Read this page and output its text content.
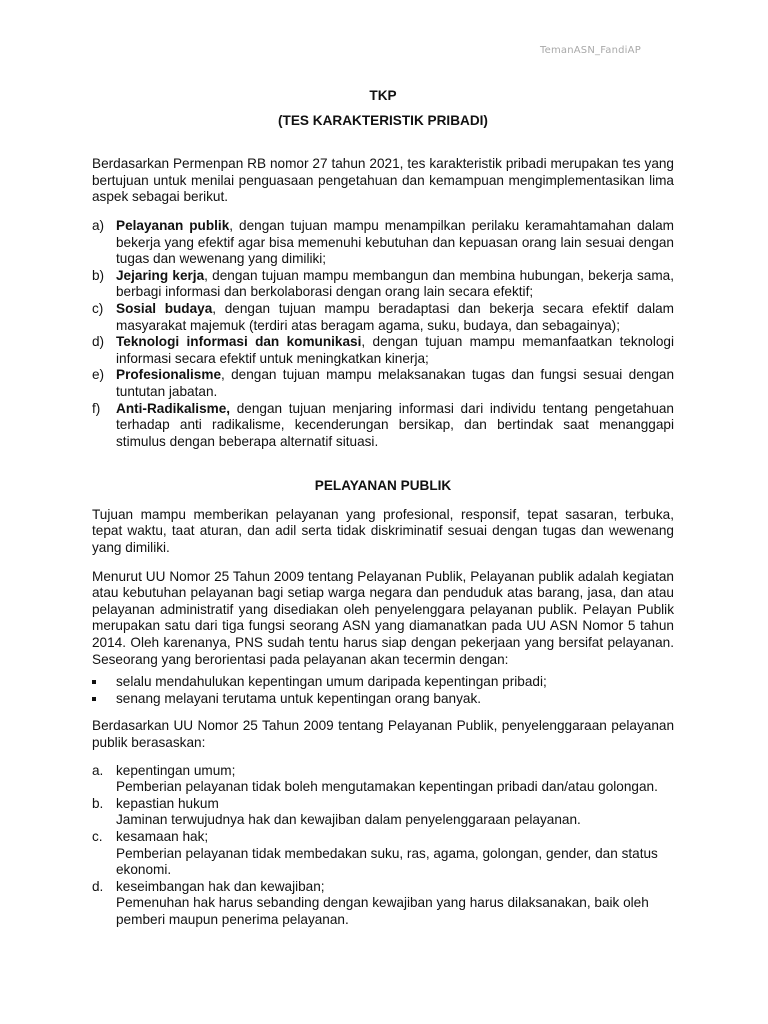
TemanASN_FandiAP
TKP
(TES KARAKTERISTIK PRIBADI)

Berdasarkan Permenpan RB nomor 27 tahun 2021, tes karakteristik pribadi merupakan tes yang bertujuan untuk menilai penguasaan pengetahuan dan kemampuan mengimplementasikan lima aspek sebagai berikut.

a) Pelayanan publik, dengan tujuan mampu menampilkan perilaku keramahtamahan dalam bekerja yang efektif agar bisa memenuhi kebutuhan dan kepuasan orang lain sesuai dengan tugas dan wewenang yang dimiliki;
b) Jejaring kerja, dengan tujuan mampu membangun dan membina hubungan, bekerja sama, berbagi informasi dan berkolaborasi dengan orang lain secara efektif;
c) Sosial budaya, dengan tujuan mampu beradaptasi dan bekerja secara efektif dalam masyarakat majemuk (terdiri atas beragam agama, suku, budaya, dan sebagainya);
d) Teknologi informasi dan komunikasi, dengan tujuan mampu memanfaatkan teknologi informasi secara efektif untuk meningkatkan kinerja;
e) Profesionalisme, dengan tujuan mampu melaksanakan tugas dan fungsi sesuai dengan tuntutan jabatan.
f) Anti-Radikalisme, dengan tujuan menjaring informasi dari individu tentang pengetahuan terhadap anti radikalisme, kecenderungan bersikap, dan bertindak saat menanggapi stimulus dengan beberapa alternatif situasi.
PELAYANAN PUBLIK

Tujuan mampu memberikan pelayanan yang profesional, responsif, tepat sasaran, terbuka, tepat waktu, taat aturan, dan adil serta tidak diskriminatif sesuai dengan tugas dan wewenang yang dimiliki.

Menurut UU Nomor 25 Tahun 2009 tentang Pelayanan Publik, Pelayanan publik adalah kegiatan atau kebutuhan pelayanan bagi setiap warga negara dan penduduk atas barang, jasa, dan atau pelayanan administratif yang disediakan oleh penyelenggara pelayanan publik. Pelayan Publik merupakan satu dari tiga fungsi seorang ASN yang diamanatkan pada UU ASN Nomor 5 tahun 2014. Oleh karenanya, PNS sudah tentu harus siap dengan pekerjaan yang bersifat pelayanan. Seseorang yang berorientasi pada pelayanan akan tecermin dengan:

selalu mendahulukan kepentingan umum daripada kepentingan pribadi;
senang melayani terutama untuk kepentingan orang banyak.

Berdasarkan UU Nomor 25 Tahun 2009 tentang Pelayanan Publik, penyelenggaraan pelayanan publik berasaskan:

a. kepentingan umum;
Pemberian pelayanan tidak boleh mengutamakan kepentingan pribadi dan/atau golongan.
b. kepastian hukum
Jaminan terwujudnya hak dan kewajiban dalam penyelenggaraan pelayanan.
c. kesamaan hak;
Pemberian pelayanan tidak membedakan suku, ras, agama, golongan, gender, dan status ekonomi.
d. keseimbangan hak dan kewajiban;
Pemenuhan hak harus sebanding dengan kewajiban yang harus dilaksanakan, baik oleh pemberi maupun penerima pelayanan.
